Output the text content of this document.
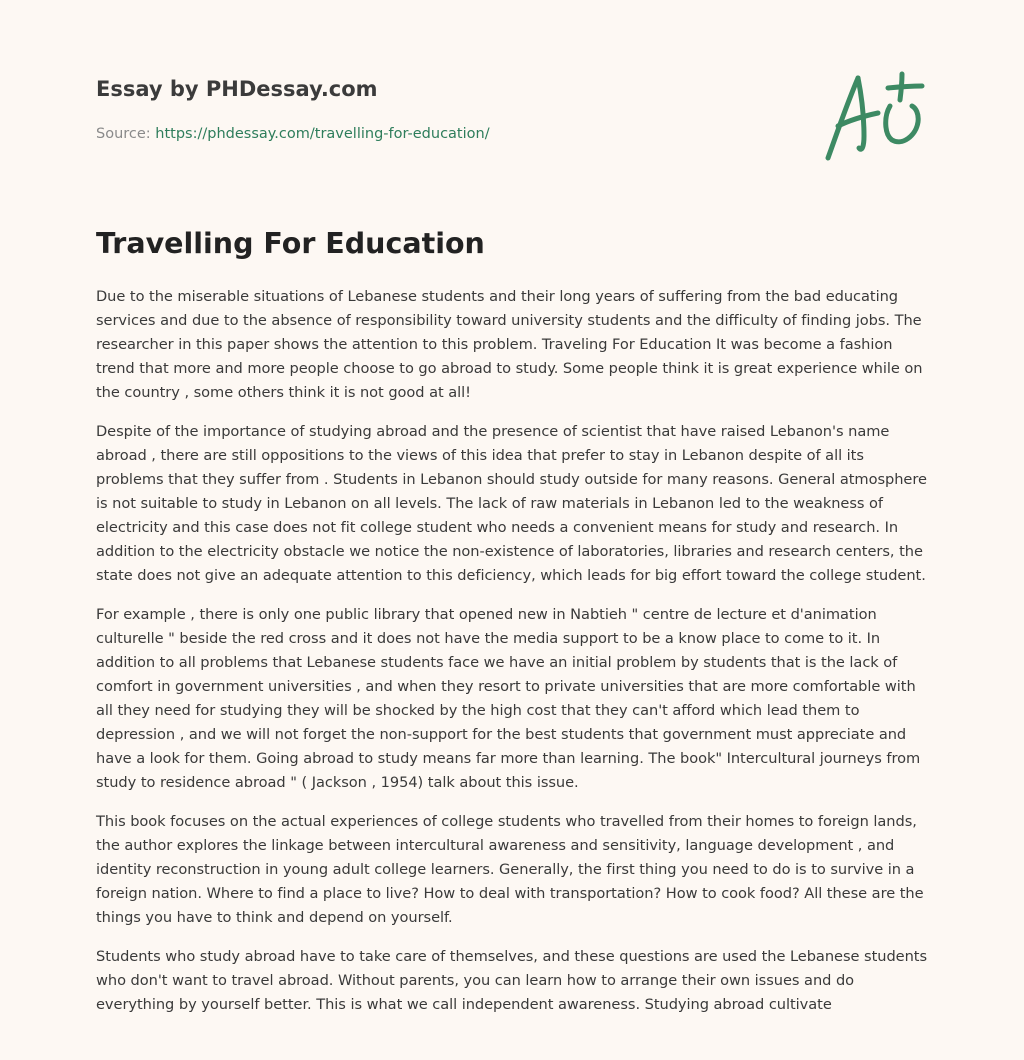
Essay by PHDessay.com
Source: https://phdessay.com/travelling-for-education/
Travelling For Education

Due to the miserable situations of Lebanese students and their long years of suffering from the bad educating services and due to the absence of responsibility toward university students and the difficulty of finding jobs. The researcher in this paper shows the attention to this problem. Traveling For Education It was become a fashion trend that more and more people choose to go abroad to study. Some people think it is great experience while on the country , some others think it is not good at all!

Despite of the importance of studying abroad and the presence of scientist that have raised Lebanon's name abroad , there are still oppositions to the views of this idea that prefer to stay in Lebanon despite of all its problems that they suffer from . Students in Lebanon should study outside for many reasons. General atmosphere is not suitable to study in Lebanon on all levels. The lack of raw materials in Lebanon led to the weakness of electricity and this case does not fit college student who needs a convenient means for study and research. In addition to the electricity obstacle we notice the non-existence of laboratories, libraries and research centers, the state does not give an adequate attention to this deficiency, which leads for big effort toward the college student.

For example , there is only one public library that opened new in Nabtieh " centre de lecture et d'animation culturelle " beside the red cross and it does not have the media support to be a know place to come to it. In addition to all problems that Lebanese students face we have an initial problem by students that is the lack of comfort in government universities , and when they resort to private universities that are more comfortable with all they need for studying they will be shocked by the high cost that they can't afford which lead them to depression , and we will not forget the non-support for the best students that government must appreciate and have a look for them. Going abroad to study means far more than learning. The book" Intercultural journeys from study to residence abroad " ( Jackson , 1954) talk about this issue.

This book focuses on the actual experiences of college students who travelled from their homes to foreign lands, the author explores the linkage between intercultural awareness and sensitivity, language development , and identity reconstruction in young adult college learners. Generally, the first thing you need to do is to survive in a foreign nation. Where to find a place to live? How to deal with transportation? How to cook food? All these are the things you have to think and depend on yourself.

Students who study abroad have to take care of themselves, and these questions are used the Lebanese students who don't want to travel abroad. Without parents, you can learn how to arrange their own issues and do everything by yourself better. This is what we call independent awareness. Studying abroad cultivate
